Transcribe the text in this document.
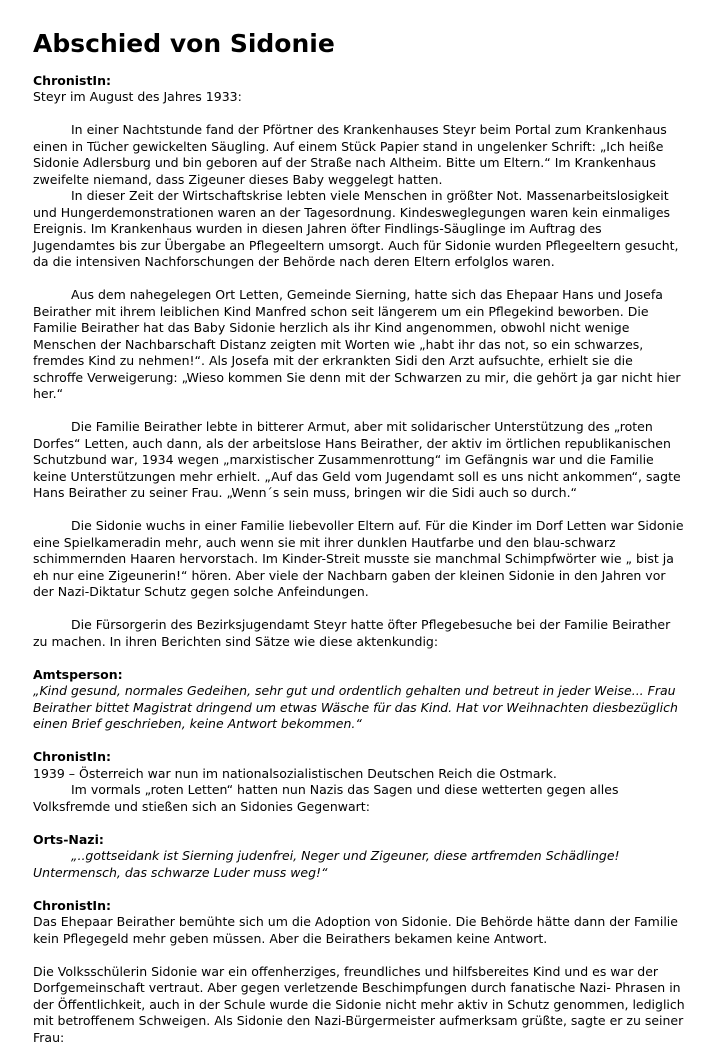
Abschied von Sidonie

ChronistIn:

Steyr im August des Jahres 1933:

In einer Nachtstunde fand der Pförtner des Krankenhauses Steyr beim Portal zum Krankenhaus einen in Tücher gewickelten Säugling. Auf einem Stück Papier stand in ungelenker Schrift: „Ich heiße Sidonie Adlersburg und bin geboren auf der Straße nach Altheim. Bitte um Eltern.“ Im Krankenhaus zweifelte niemand, dass Zigeuner dieses Baby weggelegt hatten.

In dieser Zeit der Wirtschaftskrise lebten viele Menschen in größter Not. Massenarbeitslosigkeit und Hungerdemonstrationen waren an der Tagesordnung. Kindesweglegungen waren kein einmaliges Ereignis. Im Krankenhaus wurden in diesen Jahren öfter Findlings-Säuglinge im Auftrag des Jugendamtes bis zur Übergabe an Pflegeeltern umsorgt. Auch für Sidonie wurden Pflegeeltern gesucht, da die intensiven Nachforschungen der Behörde nach deren Eltern erfolglos waren.

Aus dem nahegelegen Ort Letten, Gemeinde Sierning, hatte sich das Ehepaar Hans und Josefa Beirather mit ihrem leiblichen Kind Manfred schon seit längerem um ein Pflegekind beworben. Die Familie Beirather hat das Baby Sidonie herzlich als ihr Kind angenommen, obwohl nicht wenige Menschen der Nachbarschaft Distanz zeigten mit Worten wie „habt ihr das not, so ein schwarzes, fremdes Kind zu nehmen!“. Als Josefa mit der erkrankten Sidi den Arzt aufsuchte, erhielt sie die schroffe Verweigerung: „Wieso kommen Sie denn mit der Schwarzen zu mir, die gehört ja gar nicht hier her.“

Die Familie Beirather lebte in bitterer Armut, aber mit solidarischer Unterstützung des „roten Dorfes“ Letten, auch dann, als der arbeitslose Hans Beirather, der aktiv im örtlichen republikanischen Schutzbund war, 1934 wegen „marxistischer Zusammenrottung“ im Gefängnis war und die Familie keine Unterstützungen mehr erhielt. „Auf das Geld vom Jugendamt soll es uns nicht ankommen“, sagte Hans Beirather zu seiner Frau. „Wenn´s sein muss, bringen wir die Sidi auch so durch.“

Die Sidonie wuchs in einer Familie liebevoller Eltern auf. Für die Kinder im Dorf Letten war Sidonie eine Spielkameradin mehr, auch wenn sie mit ihrer dunklen Hautfarbe und den blau-schwarz schimmernden Haaren hervorstach. Im Kinder-Streit musste sie manchmal Schimpfwörter wie „ bist ja eh nur eine Zigeunerin!“ hören. Aber viele der Nachbarn gaben der kleinen Sidonie in den Jahren vor der Nazi-Diktatur Schutz gegen solche Anfeindungen.

Die Fürsorgerin des Bezirksjugendamt Steyr hatte öfter Pflegebesuche bei der Familie Beirather zu machen. In ihren Berichten sind Sätze wie diese aktenkundig:

Amtsperson:

„Kind gesund, normales Gedeihen, sehr gut und ordentlich gehalten und betreut in jeder Weise... Frau Beirather bittet Magistrat dringend um etwas Wäsche für das Kind. Hat vor Weihnachten diesbezüglich einen Brief geschrieben, keine Antwort bekommen.“

ChronistIn:

1939 – Österreich war nun im nationalsozialistischen Deutschen Reich die Ostmark.

Im vormals „roten Letten“ hatten nun Nazis das Sagen und diese wetterten gegen alles Volksfremde und stießen sich an Sidonies Gegenwart:

Orts-Nazi:

„..gottseidank ist Sierning judenfrei, Neger und Zigeuner, diese artfremden Schädlinge! Untermensch, das schwarze Luder muss weg!“

ChronistIn:

Das Ehepaar Beirather bemühte sich um die Adoption von Sidonie. Die Behörde hätte dann der Familie kein Pflegegeld mehr geben müssen. Aber die Beirathers bekamen keine Antwort.

Die Volksschülerin Sidonie war ein offenherziges, freundliches und hilfsbereites Kind und es war der Dorfgemeinschaft vertraut. Aber gegen verletzende Beschimpfungen durch fanatische Nazi- Phrasen in der Öffentlichkeit, auch in der Schule wurde die Sidonie nicht mehr aktiv in Schutz genommen, lediglich mit betroffenem Schweigen. Als Sidonie den Nazi-Bürgermeister aufmerksam grüßte, sagte er zu seiner Frau:
